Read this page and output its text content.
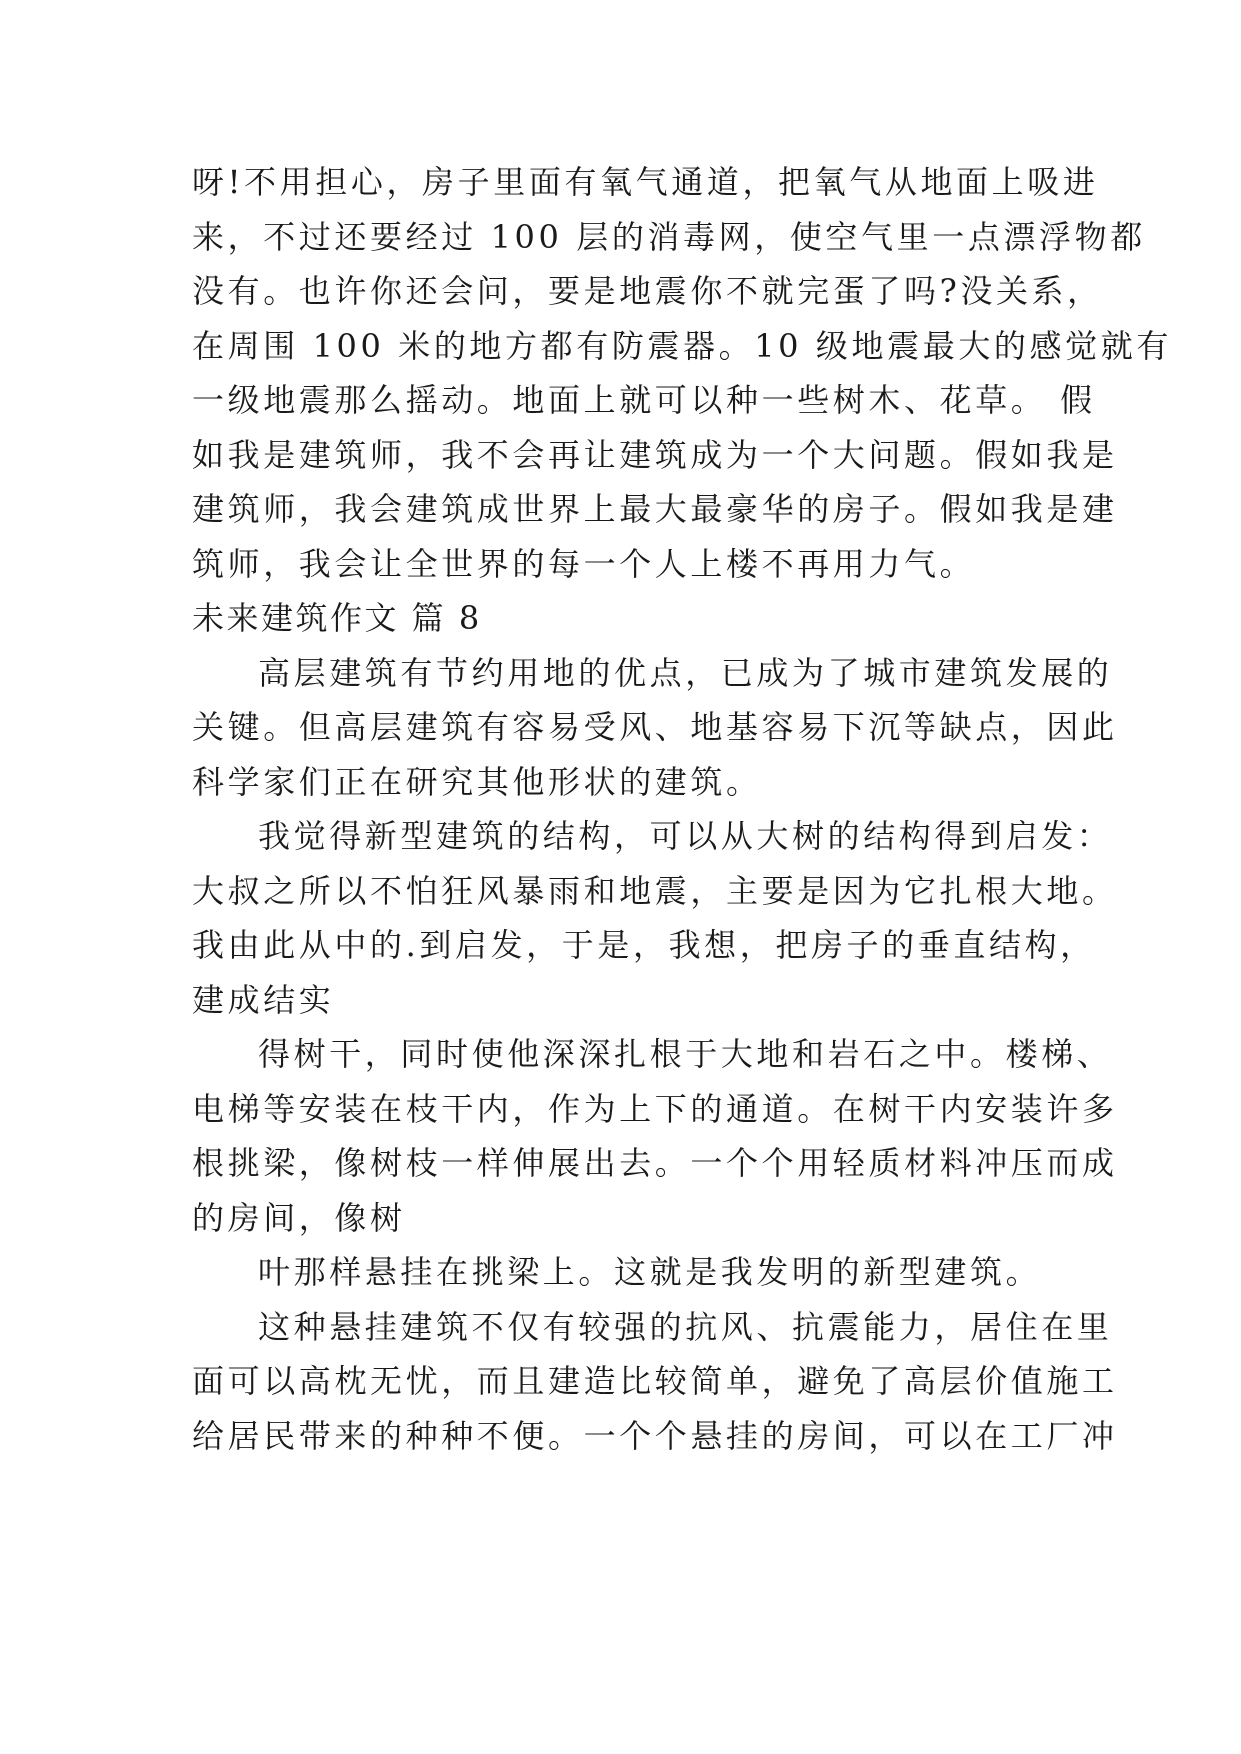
呀!不用担心，房子里面有氧气通道，把氧气从地面上吸进
来，不过还要经过 100 层的消毒网，使空气里一点漂浮物都
没有。也许你还会问，要是地震你不就完蛋了吗?没关系，
在周围 100 米的地方都有防震器。10 级地震最大的感觉就有
一级地震那么摇动。地面上就可以种一些树木、花草。 假
如我是建筑师，我不会再让建筑成为一个大问题。假如我是
建筑师，我会建筑成世界上最大最豪华的房子。假如我是建
筑师，我会让全世界的每一个人上楼不再用力气。
未来建筑作文 篇 8
高层建筑有节约用地的优点，已成为了城市建筑发展的
关键。但高层建筑有容易受风、地基容易下沉等缺点，因此
科学家们正在研究其他形状的建筑。
我觉得新型建筑的结构，可以从大树的结构得到启发：
大叔之所以不怕狂风暴雨和地震，主要是因为它扎根大地。
我由此从中的.到启发，于是，我想，把房子的垂直结构，
建成结实
得树干，同时使他深深扎根于大地和岩石之中。楼梯、
电梯等安装在枝干内，作为上下的通道。在树干内安装许多
根挑梁，像树枝一样伸展出去。一个个用轻质材料冲压而成
的房间，像树
叶那样悬挂在挑梁上。这就是我发明的新型建筑。
这种悬挂建筑不仅有较强的抗风、抗震能力，居住在里
面可以高枕无忧，而且建造比较简单，避免了高层价值施工
给居民带来的种种不便。一个个悬挂的房间，可以在工厂冲
